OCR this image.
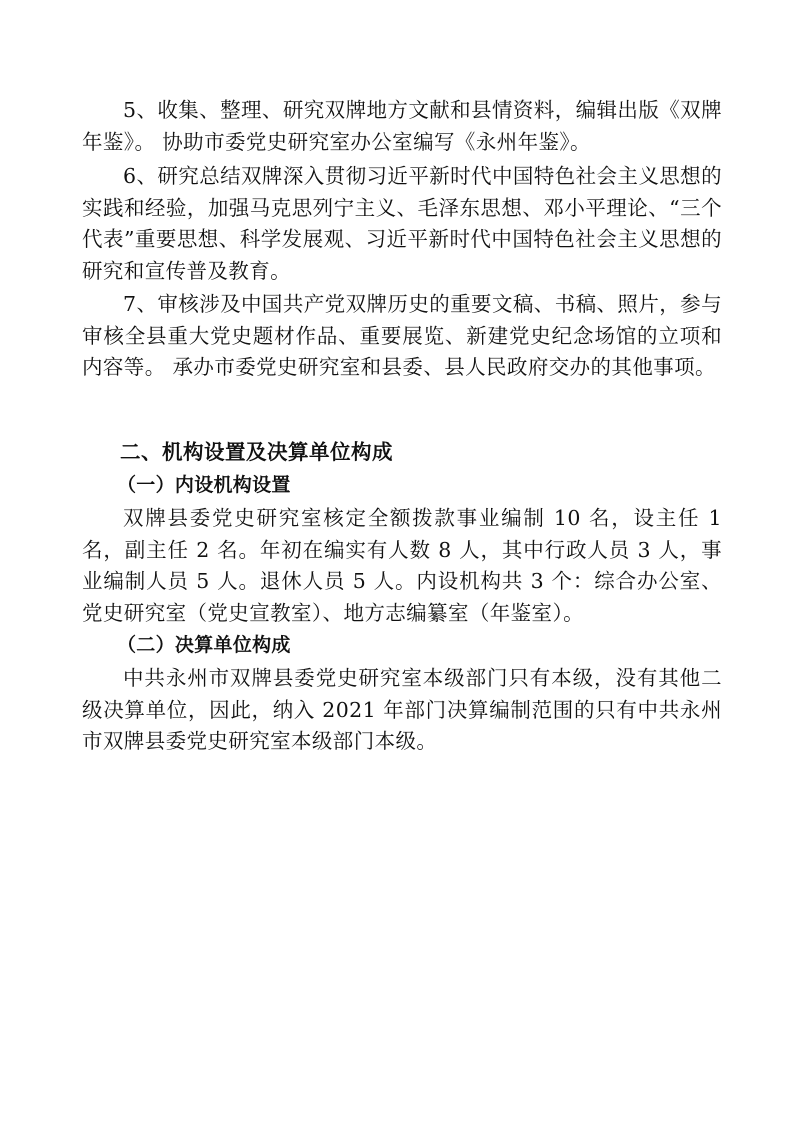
5、收集、整理、研究双牌地方文献和县情资料，编辑出版《双牌年鉴》。 协助市委党史研究室办公室编写《永州年鉴》。

6、研究总结双牌深入贯彻习近平新时代中国特色社会主义思想的实践和经验，加强马克思列宁主义、毛泽东思想、邓小平理论、“三个代表”重要思想、科学发展观、习近平新时代中国特色社会主义思想的研究和宣传普及教育。

7、审核涉及中国共产党双牌历史的重要文稿、书稿、照片，参与审核全县重大党史题材作品、重要展览、新建党史纪念场馆的立项和内容等。 承办市委党史研究室和县委、县人民政府交办的其他事项。

二、机构设置及决算单位构成
（一）内设机构设置

双牌县委党史研究室核定全额拨款事业编制 10 名，设主任 1 名，副主任 2 名。年初在编实有人数 8 人，其中行政人员 3 人，事业编制人员 5 人。退休人员 5 人。内设机构共 3 个：综合办公室、党史研究室（党史宣教室）、地方志编纂室（年鉴室）。

（二）决算单位构成

中共永州市双牌县委党史研究室本级部门只有本级，没有其他二级决算单位，因此，纳入 2021 年部门决算编制范围的只有中共永州市双牌县委党史研究室本级部门本级。
